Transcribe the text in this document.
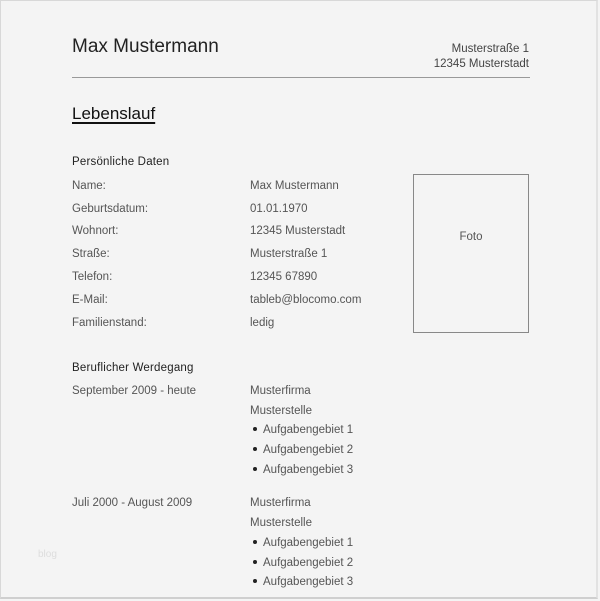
Max Mustermann	Musterstraße 1
12345 Musterstadt
Lebenslauf
Persönliche Daten
Name:	Max Mustermann
Geburtsdatum:	01.01.1970
Wohnort:	12345 Musterstadt
Straße:	Musterstraße 1
Telefon:	12345 67890
E-Mail:	tableb@blocomo.com
Familienstand:	ledig
Foto
Beruflicher Werdegang
September 2009 - heute	Musterfirma
Musterstelle
Aufgabengebiet 1
Aufgabengebiet 2
Aufgabengebiet 3
Juli 2000 - August 2009	Musterfirma
Musterstelle
Aufgabengebiet 1
Aufgabengebiet 2
Aufgabengebiet 3
blog
